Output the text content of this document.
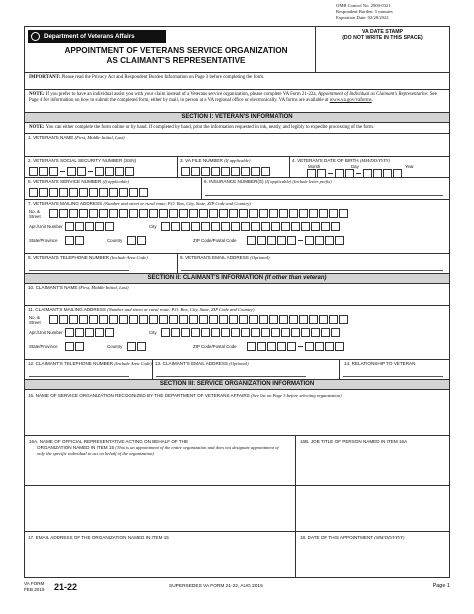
OMB Control No. 2900-0321
Respondent Burden: 5 minutes
Expiration Date: 02/28/2022
Department of Veterans Affairs
APPOINTMENT OF VETERANS SERVICE ORGANIZATION
AS CLAIMANT'S REPRESENTATIVE
VA DATE STAMP
(DO NOT WRITE IN THIS SPACE)
IMPORTANT: Please read the Privacy Act and Respondent Burden Information on Page 3 before completing the form.
NOTE: If you prefer to have an individual assist you with your claim instead of a Veterans service organization, please complete VA Form 21-22a, Appointment of Individual as Claimant's Representative. See Page 4 for information on how to submit the completed form, either by mail, in person at a VA regional office or electronically. VA forms are available at www.va.gov/vaforms.
SECTION I: VETERAN'S INFORMATION
NOTE: You can either complete the form online or by hand. If completed by hand, print the information requested in ink, neatly, and legibly to expedite processing of the form.
1. VETERAN'S NAME (First, Middle Initial, Last)
2. VETERAN'S SOCIAL SECURITY NUMBER (SSN)	3. VA FILE NUMBER (If applicable)	4. VETERAN'S DATE OF BIRTH (MM/DD/YYYY)
Month	Day	Year
5. VETERAN'S SERVICE NUMBER (If applicable)	6. INSURANCE NUMBER(S) (If applicable) (Include letter prefix)
7. VETERAN'S MAILING ADDRESS (Number and street or rural route, P.O. Box, City, State, ZIP Code and Country)
No. &
Street
Apt./Unit Number	City
State/Province	Country	ZIP Code/Postal Code
8. VETERAN'S TELEPHONE NUMBER (Include Area Code)	9. VETERAN'S EMAIL ADDRESS (Optional)
SECTION II: CLAIMANT'S INFORMATION (If other than veteran)
10. CLAIMANT'S NAME (First, Middle Initial, Last)
11. CLAIMANT'S MAILING ADDRESS (Number and street or rural route, P.O. Box, City, State, ZIP Code and Country)
No. &
Street
Apt./Unit Number	City
State/Province	Country	ZIP Code/Postal Code
12. CLAIMANT'S TELEPHONE NUMBER (Include Area Code) 13. CLAIMANT'S EMAIL ADDRESS (Optional)	14. RELATIONSHIP TO VETERAN
SECTION III: SERVICE ORGANIZATION INFORMATION
15. NAME OF SERVICE ORGANIZATION RECOGNIZED BY THE DEPARTMENT OF VETERANS AFFAIRS (See list on Page 3 before selecting organization)
16A. NAME OF OFFICIAL REPRESENTATIVE ACTING ON BEHALF OF THE
ORGANIZATION NAMED IN ITEM 15 (This is an appointment of the entire organization and does not designate appointment of only the specific individual to act on behalf of the organization)
16B. JOB TITLE OF PERSON NAMED IN ITEM 16A
17. EMAIL ADDRESS OF THE ORGANIZATION NAMED IN ITEM 15	18. DATE OF THIS APPOINTMENT (MM/DD/YYYY)
VA FORM
FEB 2019 21-22	SUPERSEDES VA FORM 21-22, AUG 2015	Page 1
